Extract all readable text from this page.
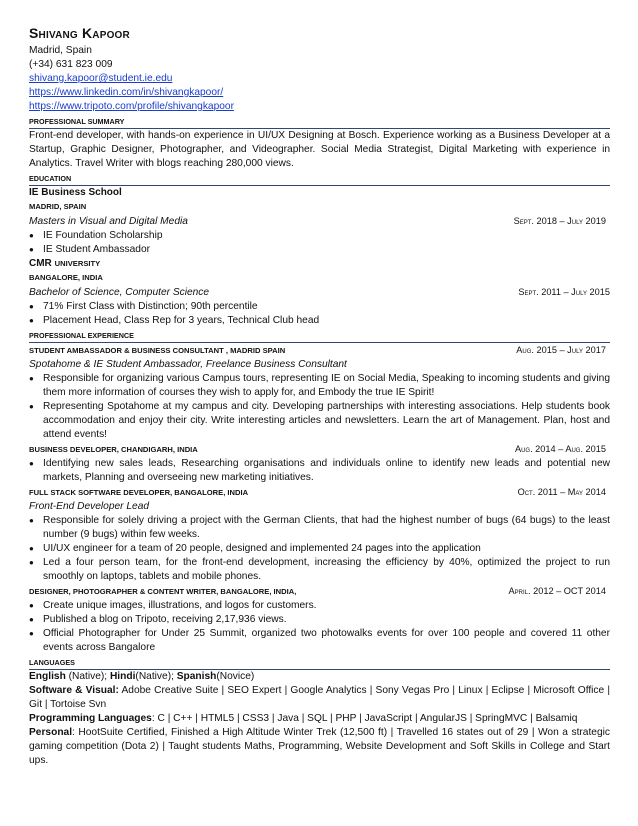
Shivang Kapoor
Madrid, Spain
(+34) 631 823 009
shivang.kapoor@student.ie.edu
https://www.linkedin.com/in/shivangkapoor/
https://www.tripoto.com/profile/shivangkapoor
PROFESSIONAL SUMMARY

Front-end developer, with hands-on experience in UI/UX Designing at Bosch. Experience working as a Business Developer at a Startup, Graphic Designer, Photographer, and Videographer. Social Media Strategist, Digital Marketing with experience in Analytics. Travel Writer with blogs reaching 280,000 views.

EDUCATION
IE Business School
MADRID, SPAIN
Masters in Visual and Digital Media	Sept. 2018 – July 2019
● IE Foundation Scholarship
● IE Student Ambassador
CMR UNIVERSITY
BANGALORE, INDIA
Bachelor of Science, Computer Science	Sept. 2011 – July 2015
● 71% First Class with Distinction; 90th percentile
● Placement Head, Class Rep for 3 years, Technical Club head
PROFESSIONAL EXPERIENCE
STUDENT AMBASSADOR & BUSINESS CONSULTANT , MADRID SPAIN	Aug. 2015 – July 2017
Spotahome & IE Student Ambassador, Freelance Business Consultant
● Responsible for organizing various Campus tours, representing IE on Social Media, Speaking to incoming students and giving them more information of courses they wish to apply for, and Embody the true IE Spirit!
● Representing Spotahome at my campus and city. Developing partnerships with interesting associations. Help students book accommodation and enjoy their city. Write interesting articles and newsletters. Learn the art of Management. Plan, host and attend events!
BUSINESS DEVELOPER, CHANDIGARH, INDIA	Aug. 2014 – Aug. 2015
● Identifying new sales leads, Researching organisations and individuals online to identify new leads and potential new markets, Planning and overseeing new marketing initiatives.
FULL STACK SOFTWARE DEVELOPER, BANGALORE, INDIA	Oct. 2011 – May 2014
Front-End Developer Lead
● Responsible for solely driving a project with the German Clients, that had the highest number of bugs (64 bugs) to the least number (9 bugs) within few weeks.
● UI/UX engineer for a team of 20 people, designed and implemented 24 pages into the application
● Led a four person team, for the front-end development, increasing the efficiency by 40%, optimized the project to run smoothly on laptops, tablets and mobile phones.
DESIGNER, PHOTOGRAPHER & CONTENT WRITER, BANGALORE, INDIA,	April. 2012 – OCT 2014
● Create unique images, illustrations, and logos for customers.
● Published a blog on Tripoto, receiving 2,17,936 views.
● Official Photographer for Under 25 Summit, organized two photowalks events for over 100 people and covered 11 other events across Bangalore
LANGUAGES

English (Native); Hindi(Native); Spanish(Novice)

Software & Visual: Adobe Creative Suite | SEO Expert | Google Analytics | Sony Vegas Pro | Linux | Eclipse | Microsoft Office | Git | Tortoise Svn

Programming Languages: C | C++ | HTML5 | CSS3 | Java | SQL | PHP | JavaScript | AngularJS | SpringMVC | Balsamiq

Personal: HootSuite Certified, Finished a High Altitude Winter Trek (12,500 ft) | Travelled 16 states out of 29 | Won a strategic gaming competition (Dota 2) | Taught students Maths, Programming, Website Development and Soft Skills in College and Start ups.
